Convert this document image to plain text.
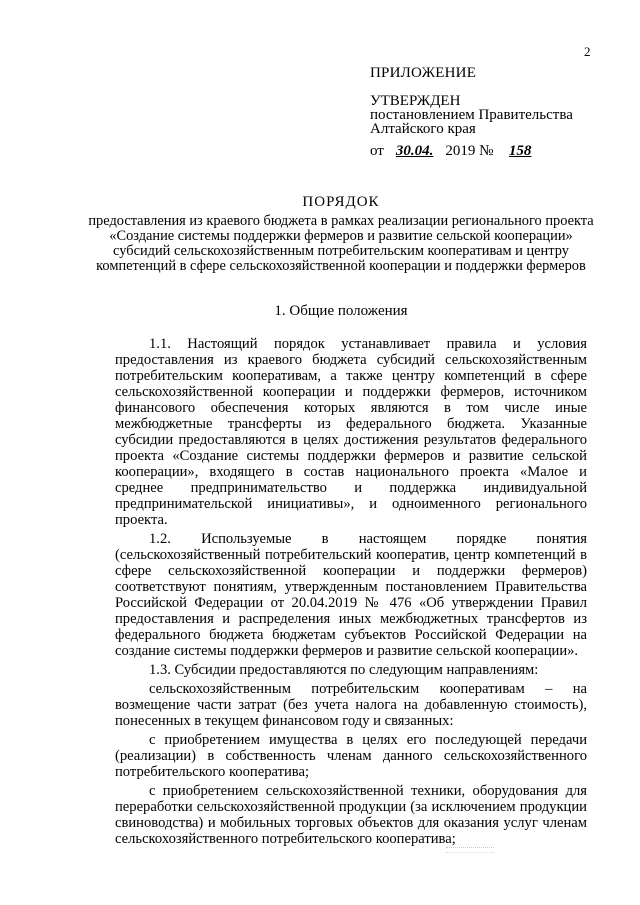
2
ПРИЛОЖЕНИЕ
УТВЕРЖДЕН
постановлением Правительства
Алтайского края
от 30.04. 2019 № 158
ПОРЯДОК
предоставления из краевого бюджета в рамках реализации регионального проекта «Создание системы поддержки фермеров и развитие сельской кооперации» субсидий сельскохозяйственным потребительским кооперативам и центру компетенций в сфере сельскохозяйственной кооперации и поддержки фермеров
1. Общие положения

1.1. Настоящий порядок устанавливает правила и условия предоставления из краевого бюджета субсидий сельскохозяйственным потребительским кооперативам, а также центру компетенций в сфере сельскохозяйственной кооперации и поддержки фермеров, источником финансового обеспечения которых являются в том числе иные межбюджетные трансферты из федерального бюджета. Указанные субсидии предоставляются в целях достижения результатов федерального проекта «Создание системы поддержки фермеров и развитие сельской кооперации», входящего в состав национального проекта «Малое и среднее предпринимательство и поддержка индивидуальной предпринимательской инициативы», и одноименного регионального проекта.

1.2. Используемые в настоящем порядке понятия (сельскохозяйственный потребительский кооператив, центр компетенций в сфере сельскохозяйственной кооперации и поддержки фермеров) соответствуют понятиям, утвержденным постановлением Правительства Российской Федерации от 20.04.2019 № 476 «Об утверждении Правил предоставления и распределения иных межбюджетных трансфертов из федерального бюджета бюджетам субъектов Российской Федерации на создание системы поддержки фермеров и развитие сельской кооперации».

1.3. Субсидии предоставляются по следующим направлениям:

сельскохозяйственным потребительским кооперативам – на возмещение части затрат (без учета налога на добавленную стоимость), понесенных в текущем финансовом году и связанных:

с приобретением имущества в целях его последующей передачи (реализации) в собственность членам данного сельскохозяйственного потребительского кооператива;

с приобретением сельскохозяйственной техники, оборудования для переработки сельскохозяйственной продукции (за исключением продукции свиноводства) и мобильных торговых объектов для оказания услуг членам сельскохозяйственного потребительского кооператива;
